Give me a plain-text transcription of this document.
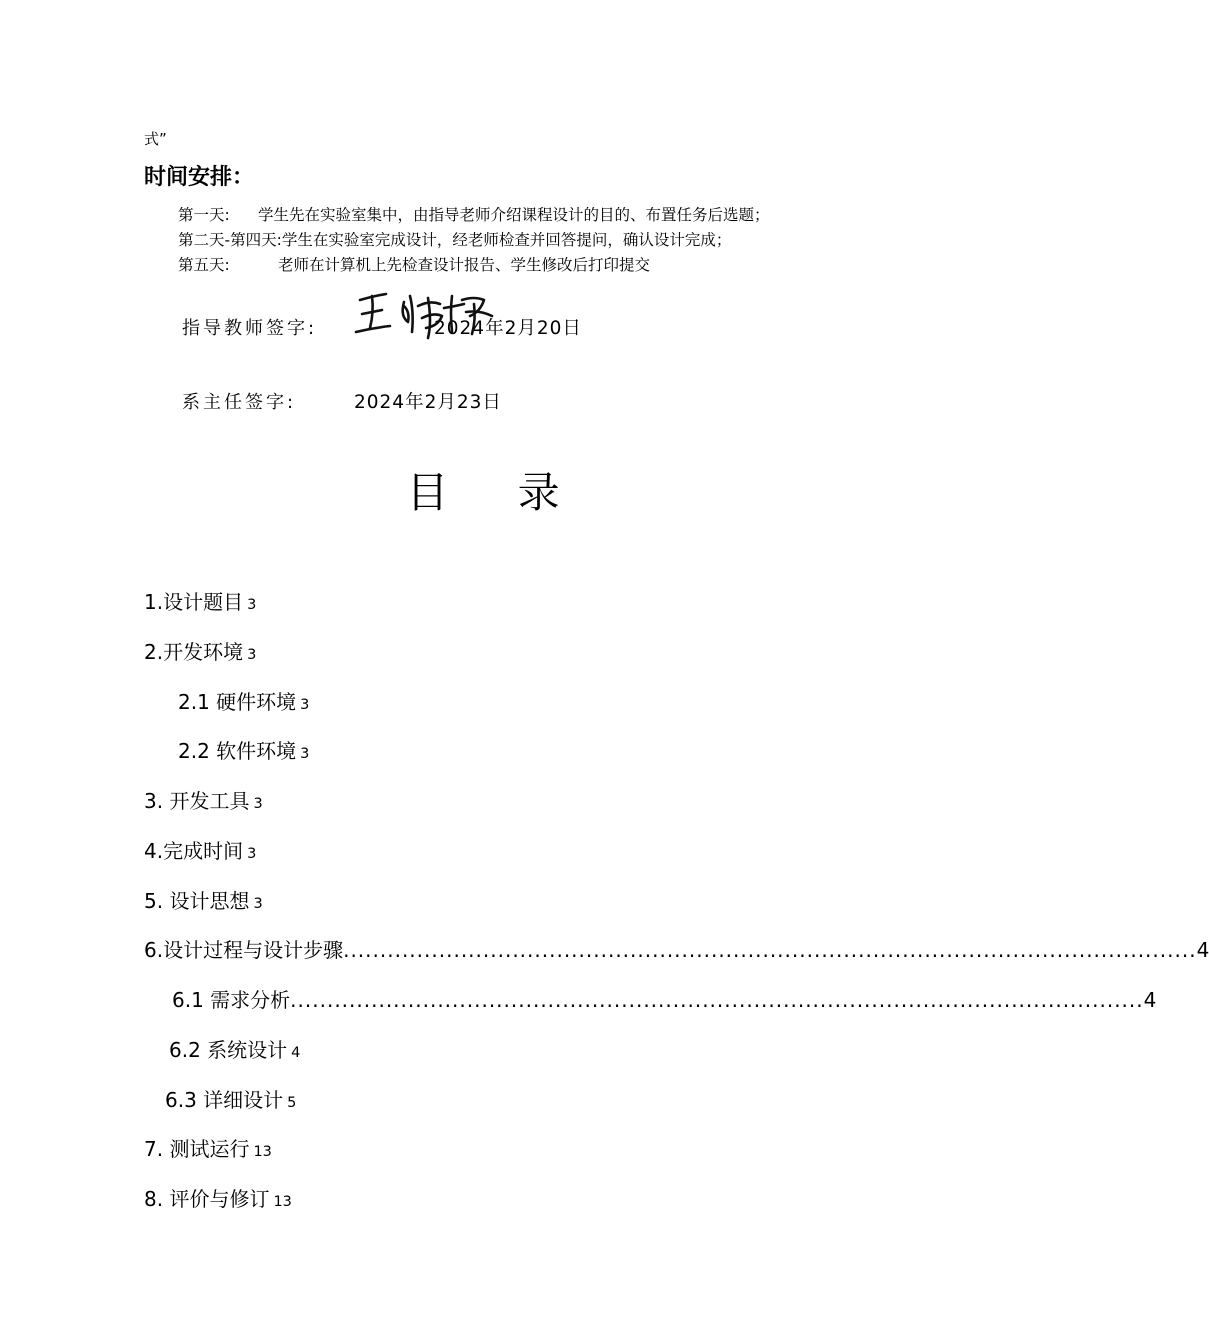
式”
时间安排：
第一天: 学生先在实验室集中，由指导老师介绍课程设计的目的、布置任务后选题；
第二天-第四天:学生在实验室完成设计，经老师检查并回答提问，确认设计完成；
第五天:	老师在计算机上先检查设计报告、学生修改后打印提交
指导教师签字:	2024年2月20日
系主任签字:	2024年2月23日
目 录
1.设计题目 3
2.开发环境 3
2.1 硬件环境 3
2.2 软件环境 3
3. 开发工具 3
4.完成时间 3
5. 设计思想 3
6.设计过程与设计步骤 .................................................................................................................... 4
6.1 需求分析 .................................................................................................................... 4
6.2 系统设计 4
6.3 详细设计 5
7. 测试运行 13
8. 评价与修订 13
